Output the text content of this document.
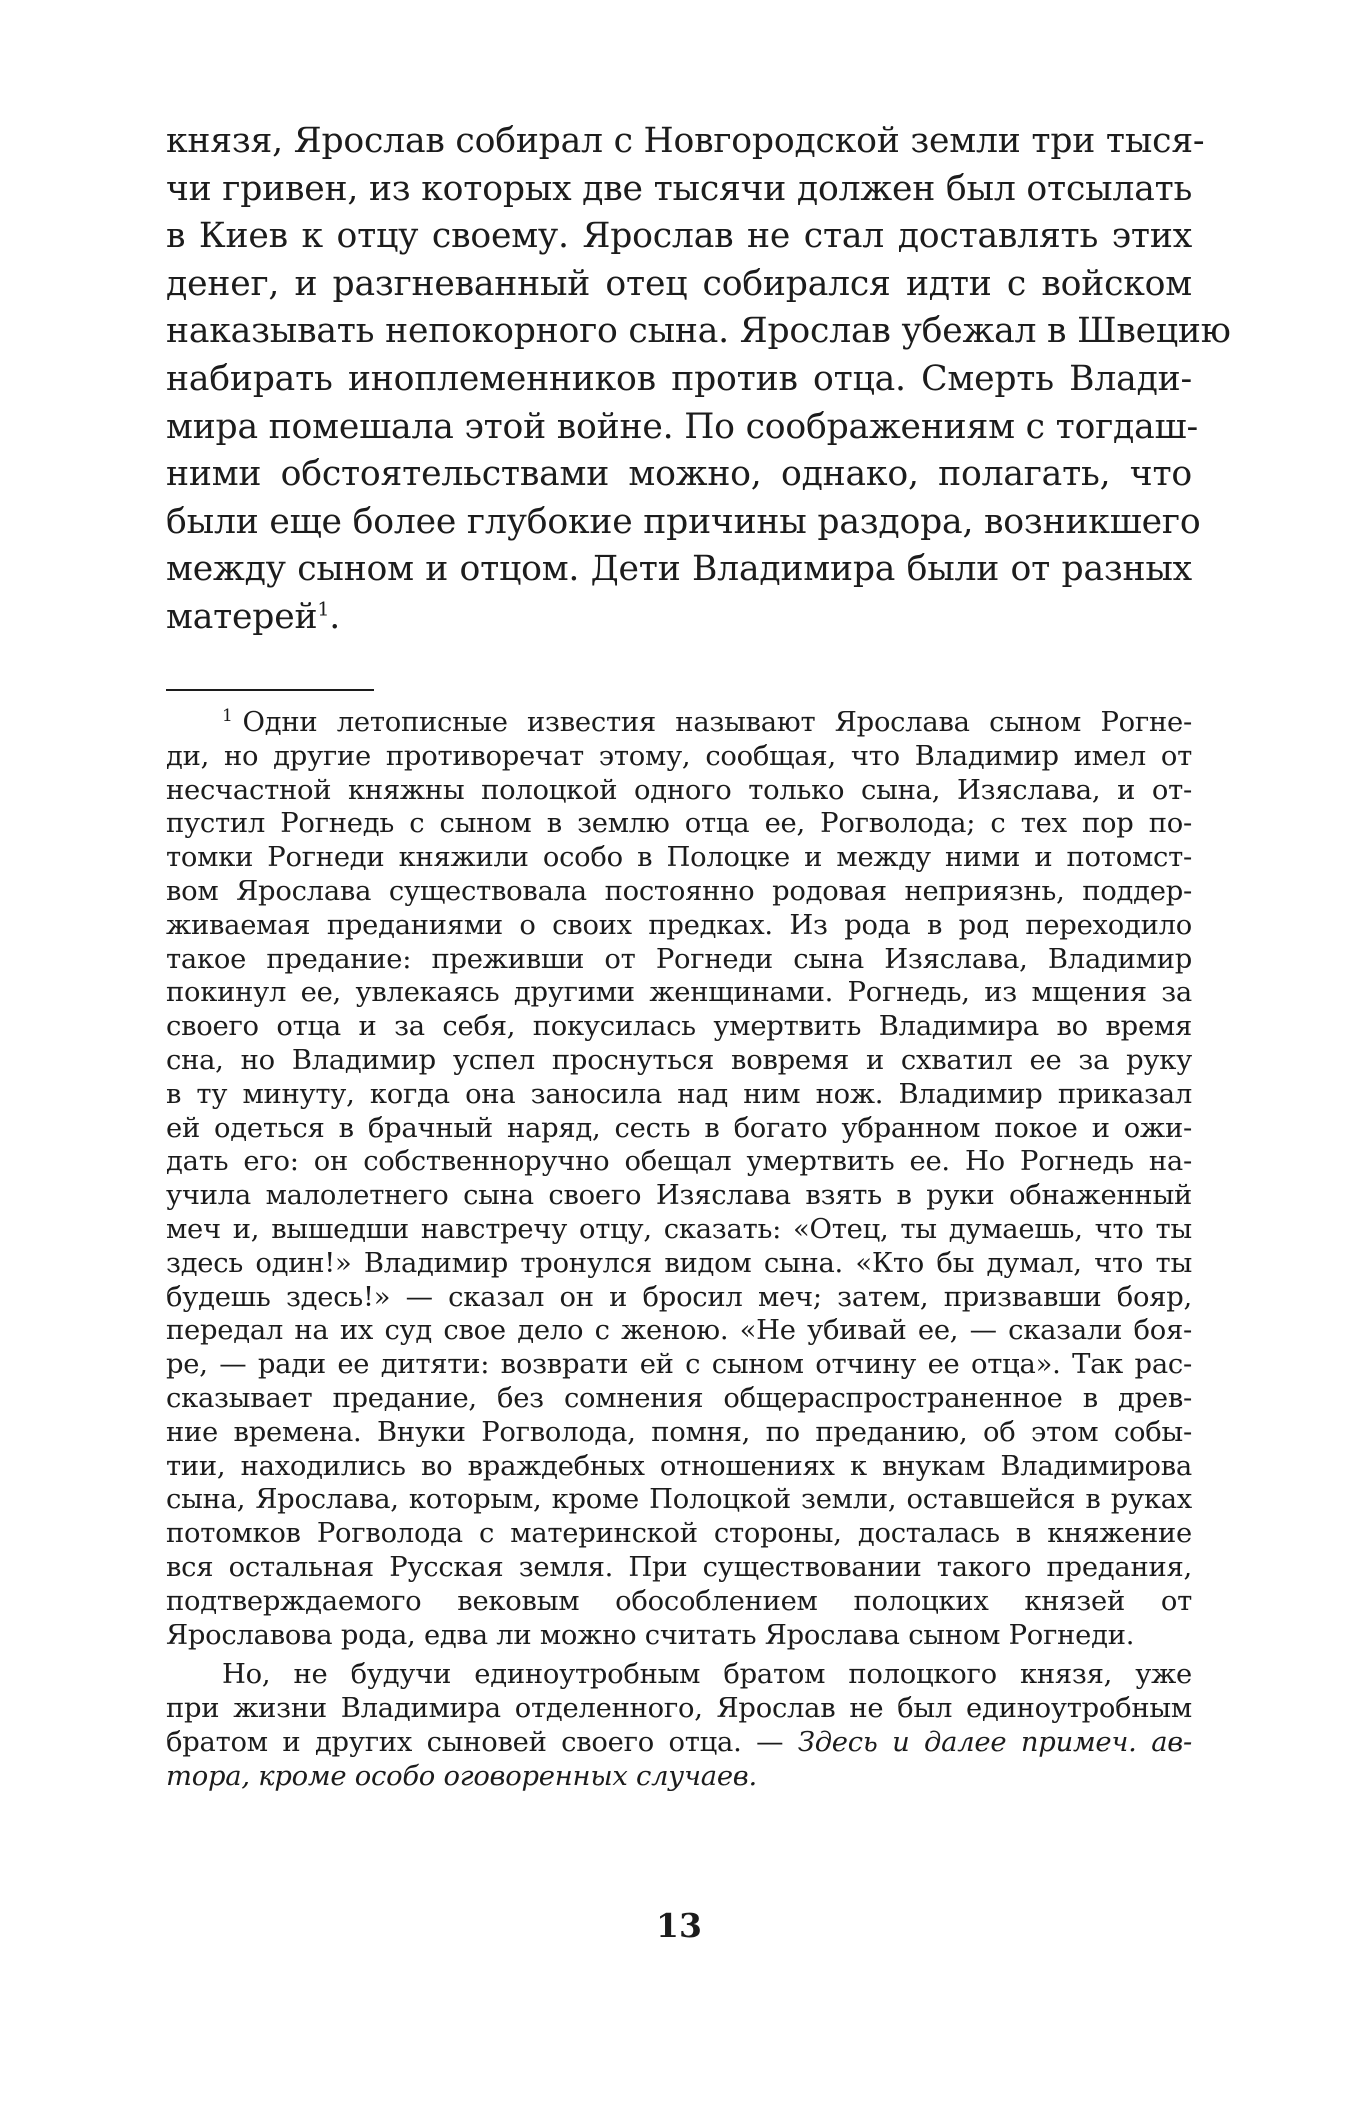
князя, Ярослав собирал с Новгородской земли три тыся-
чи гривен, из которых две тысячи должен был отсылать
в Киев к отцу своему. Ярослав не стал доставлять этих
денег, и разгневанный отец собирался идти с войском
наказывать непокорного сына. Ярослав убежал в Швецию
набирать иноплеменников против отца. Смерть Влади-
мира помешала этой войне. По соображениям с тогдаш-
ними обстоятельствами можно, однако, полагать, что
были еще более глубокие причины раздора, возникшего
между сыном и отцом. Дети Владимира были от разных
матерей$^1$.
$^1$ Одни летописные известия называют Ярослава сыном Рогне-
ди, но другие противоречат этому, сообщая, что Владимир имел от
несчастной княжны полоцкой одного только сына, Изяслава, и от-
пустил Рогнедь с сыном в землю отца ее, Рогволода; с тех пор по-
томки Рогнеди княжили особо в Полоцке и между ними и потомст-
вом Ярослава существовала постоянно родовая неприязнь, поддер-
живаемая преданиями о своих предках. Из рода в род переходило
такое предание: преживши от Рогнеди сына Изяслава, Владимир
покинул ее, увлекаясь другими женщинами. Рогнедь, из мщения за
своего отца и за себя, покусилась умертвить Владимира во время
сна, но Владимир успел проснуться вовремя и схватил ее за руку
в ту минуту, когда она заносила над ним нож. Владимир приказал
ей одеться в брачный наряд, сесть в богато убранном покое и ожи-
дать его: он собственноручно обещал умертвить ее. Но Рогнедь на-
учила малолетнего сына своего Изяслава взять в руки обнаженный
меч и, вышедши навстречу отцу, сказать: «Отец, ты думаешь, что ты
здесь один!» Владимир тронулся видом сына. «Кто бы думал, что ты
будешь здесь!» — сказал он и бросил меч; затем, призвавши бояр,
передал на их суд свое дело с женою. «Не убивай ее, — сказали боя-
ре, — ради ее дитяти: возврати ей с сыном отчину ее отца». Так рас-
сказывает предание, без сомнения общераспространенное в древ-
ние времена. Внуки Рогволода, помня, по преданию, об этом собы-
тии, находились во враждебных отношениях к внукам Владимирова
сына, Ярослава, которым, кроме Полоцкой земли, оставшейся в руках
потомков Рогволода с материнской стороны, досталась в княжение
вся остальная Русская земля. При существовании такого предания,
подтверждаемого вековым обособлением полоцких князей от
Ярославова рода, едва ли можно считать Ярослава сыном Рогнеди.
Но, не будучи единоутробным братом полоцкого князя, уже
при жизни Владимира отделенного, Ярослав не был единоутробным
братом и других сыновей своего отца. — Здесь и далее примеч. ав-
тора, кроме особо оговоренных случаев.
13
